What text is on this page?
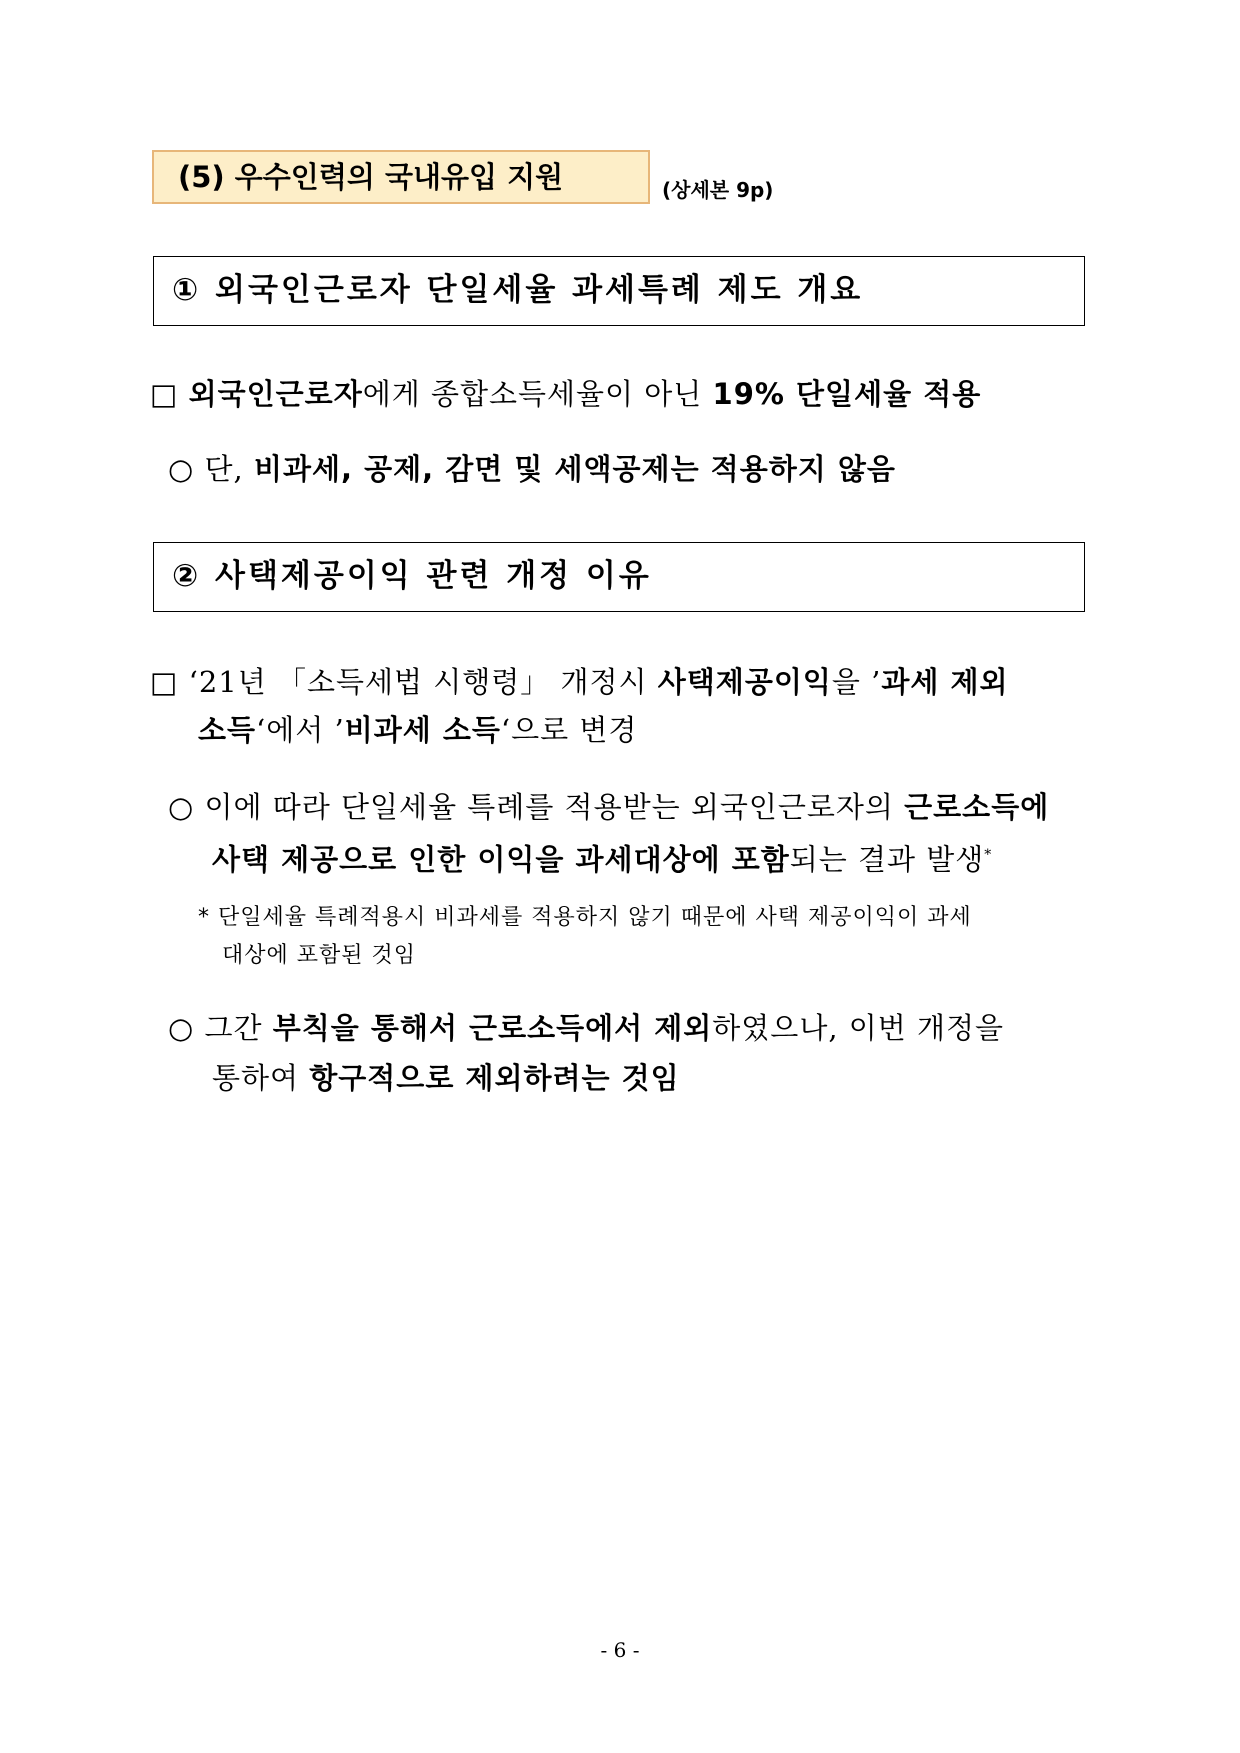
(5) 우수인력의 국내유입 지원	(상세본 9p)
① 외국인근로자 단일세율 과세특례 제도 개요
□ 외국인근로자에게 종합소득세율이 아닌 19% 단일세율 적용
○ 단, 비과세, 공제, 감면 및 세액공제는 적용하지 않음
② 사택제공이익 관련 개정 이유
□ ‘21년 「소득세법 시행령」 개정시 사택제공이익을 ’과세 제외
소득‘에서 ’비과세 소득‘으로 변경
○ 이에 따라 단일세율 특례를 적용받는 외국인근로자의 근로소득에
사택 제공으로 인한 이익을 과세대상에 포함되는 결과 발생*
* 단일세율 특례적용시 비과세를 적용하지 않기 때문에 사택 제공이익이 과세
대상에 포함된 것임
○ 그간 부칙을 통해서 근로소득에서 제외하였으나, 이번 개정을
통하여 항구적으로 제외하려는 것임
- 6 -
